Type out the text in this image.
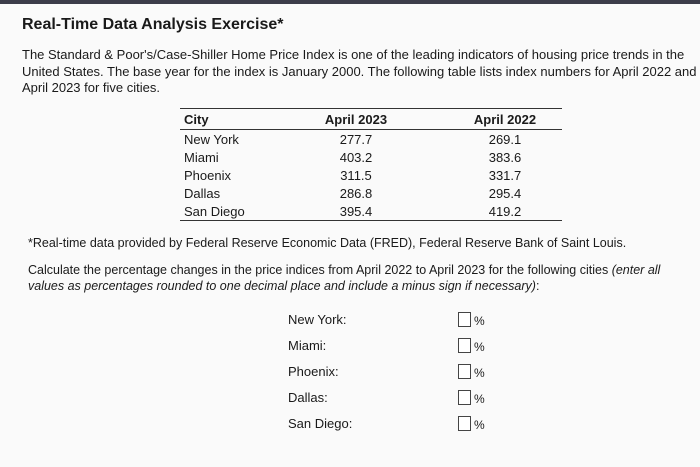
Real-Time Data Analysis Exercise*
The Standard & Poor's/Case-Shiller Home Price Index is one of the leading indicators of housing price trends in the United States. The base year for the index is January 2000. The following table lists index numbers for April 2022 and April 2023 for five cities.
City	April 2023	April 2022
New York	277.7	269.1
Miami	403.2	383.6
Phoenix	311.5	331.7
Dallas	286.8	295.4
San Diego	395.4	419.2
*Real-time data provided by Federal Reserve Economic Data (FRED), Federal Reserve Bank of Saint Louis.
Calculate the percentage changes in the price indices from April 2022 to April 2023 for the following cities (enter all values as percentages rounded to one decimal place and include a minus sign if necessary):
New York:	%
Miami:	%
Phoenix:	%
Dallas:	%
San Diego:	%
